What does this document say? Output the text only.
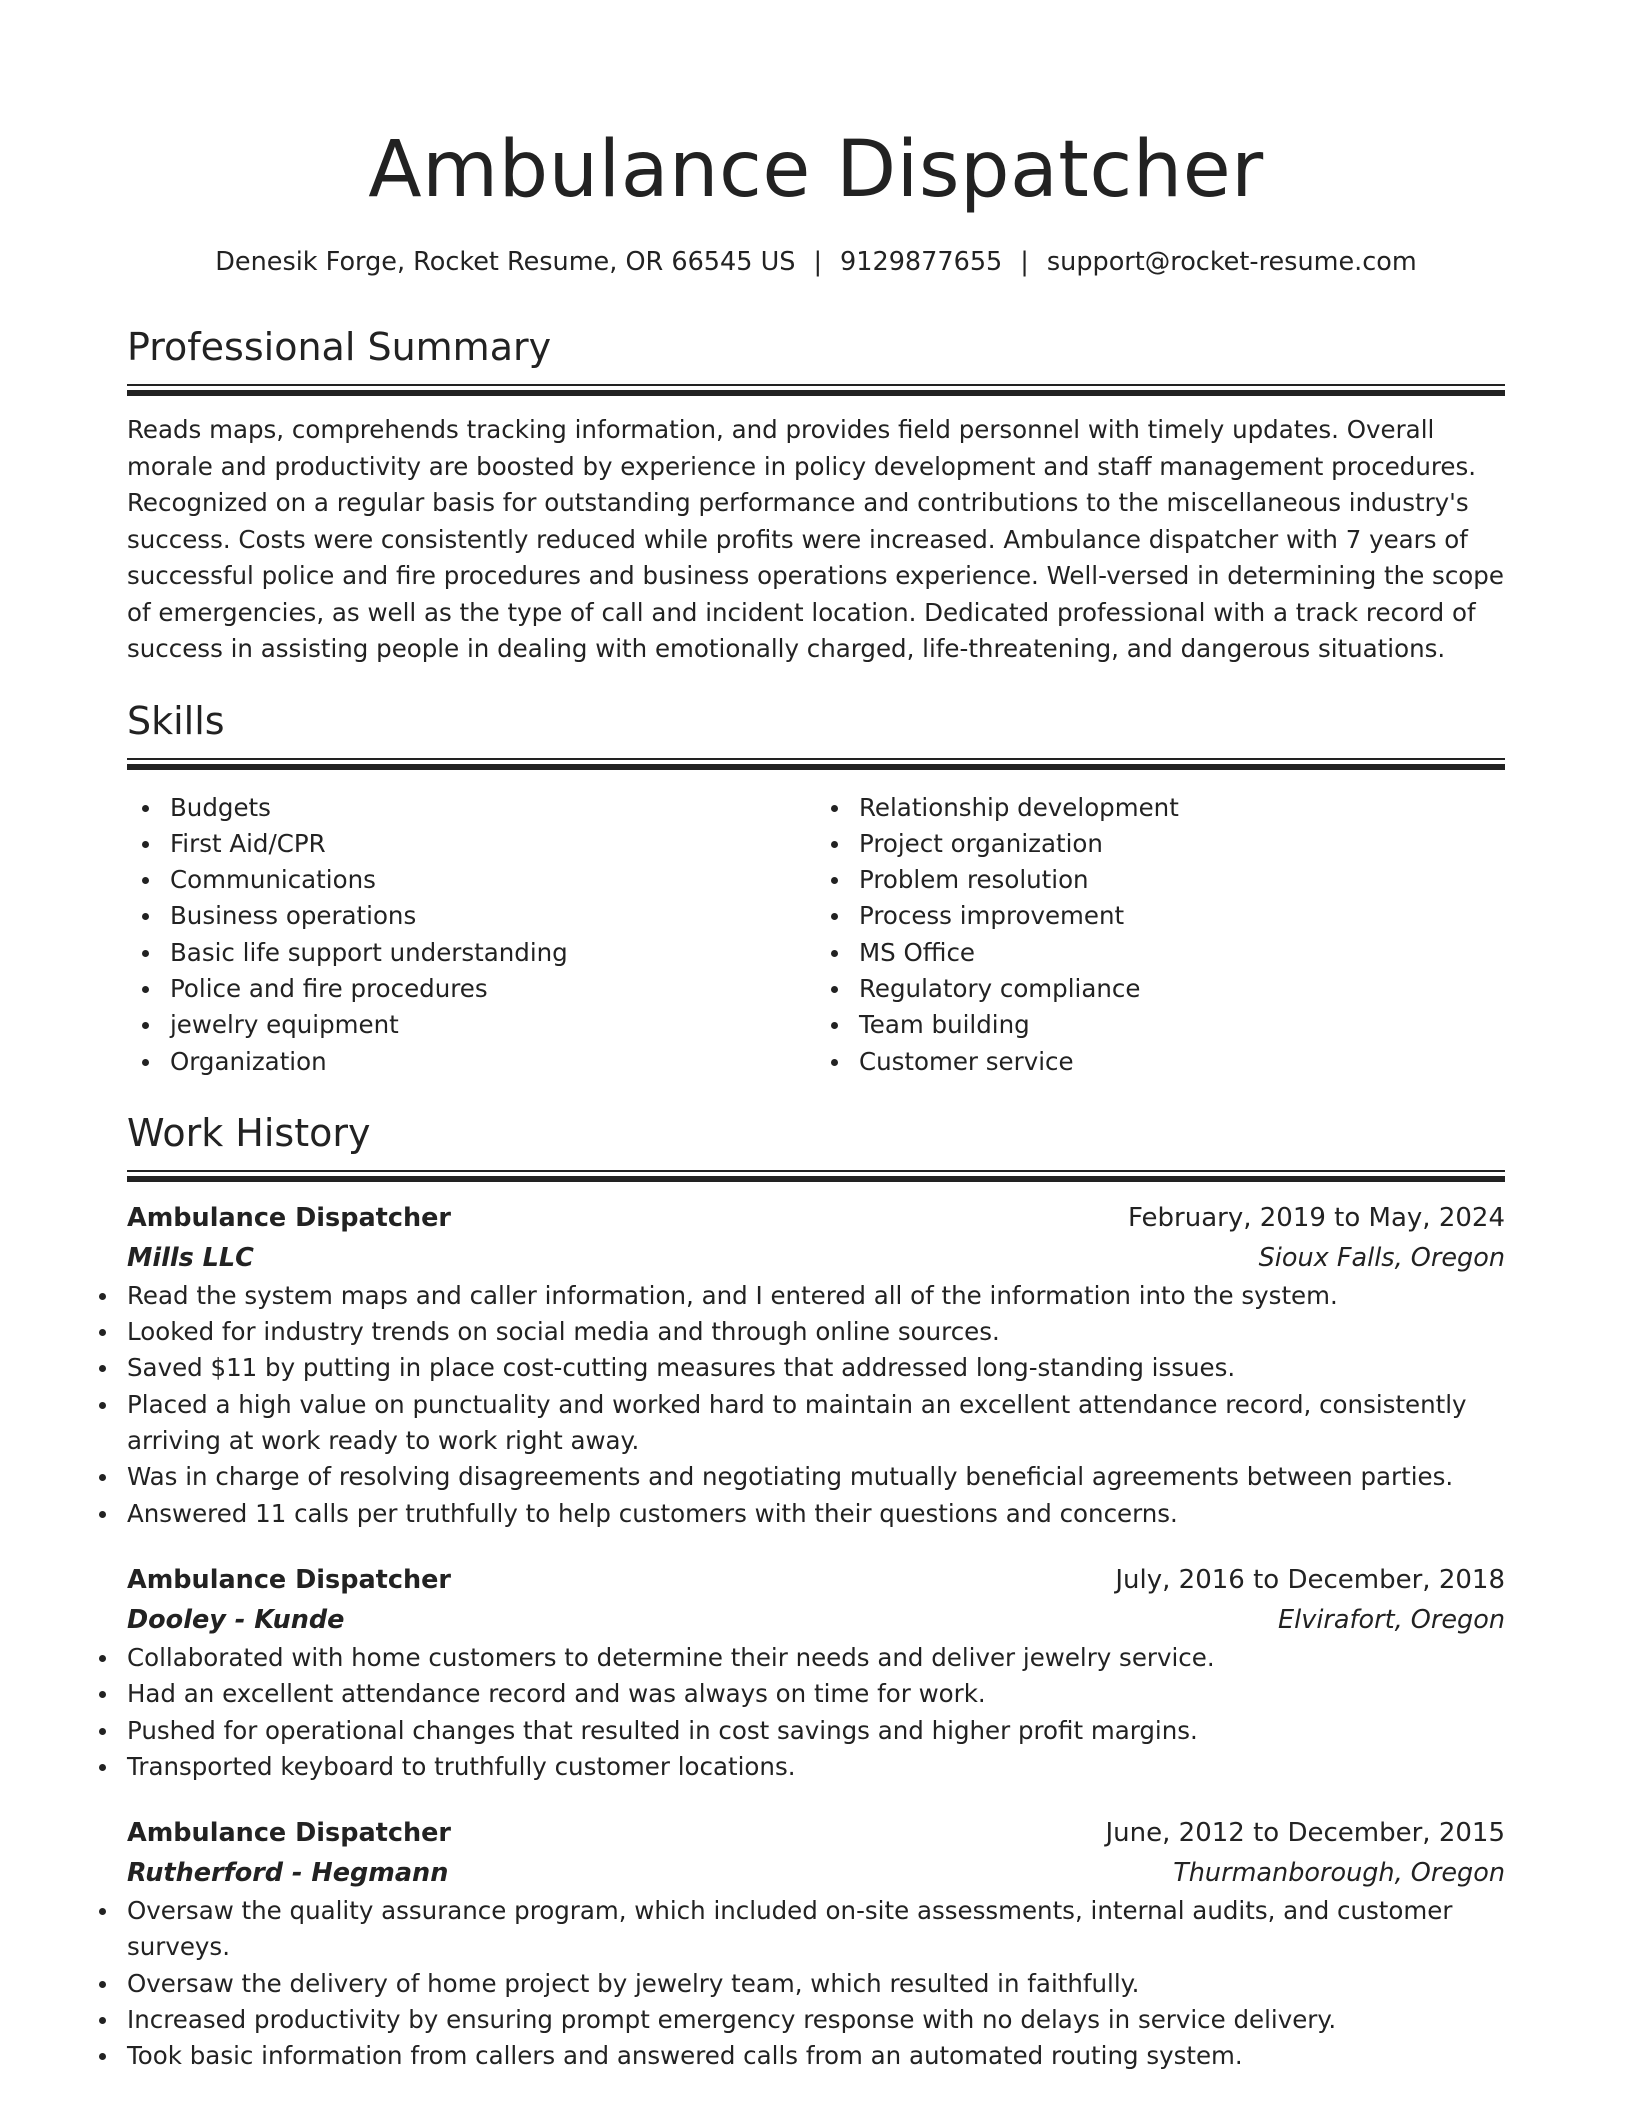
Ambulance Dispatcher
Denesik Forge, Rocket Resume, OR 66545 US | 9129877655 | support@rocket-resume.com
Professional Summary

Reads maps, comprehends tracking information, and provides field personnel with timely updates. Overall morale and productivity are boosted by experience in policy development and staff management procedures. Recognized on a regular basis for outstanding performance and contributions to the miscellaneous industry's success. Costs were consistently reduced while profits were increased. Ambulance dispatcher with 7 years of successful police and fire procedures and business operations experience. Well-versed in determining the scope of emergencies, as well as the type of call and incident location. Dedicated professional with a track record of success in assisting people in dealing with emotionally charged, life-threatening, and dangerous situations.

Skills
Budgets
First Aid/CPR
Communications
Business operations
Basic life support understanding
Police and fire procedures
jewelry equipment
Organization
Relationship development
Project organization
Problem resolution
Process improvement
MS Office
Regulatory compliance
Team building
Customer service
Work History
Ambulance Dispatcher	February, 2019 to May, 2024
Mills LLC	Sioux Falls, Oregon
Read the system maps and caller information, and I entered all of the information into the system.
Looked for industry trends on social media and through online sources.
Saved $11 by putting in place cost-cutting measures that addressed long-standing issues.
Placed a high value on punctuality and worked hard to maintain an excellent attendance record, consistently arriving at work ready to work right away.
Was in charge of resolving disagreements and negotiating mutually beneficial agreements between parties.
Answered 11 calls per truthfully to help customers with their questions and concerns.
Ambulance Dispatcher	July, 2016 to December, 2018
Dooley - Kunde	Elvirafort, Oregon
Collaborated with home customers to determine their needs and deliver jewelry service.
Had an excellent attendance record and was always on time for work.
Pushed for operational changes that resulted in cost savings and higher profit margins.
Transported keyboard to truthfully customer locations.
Ambulance Dispatcher	June, 2012 to December, 2015
Rutherford - Hegmann	Thurmanborough, Oregon
Oversaw the quality assurance program, which included on-site assessments, internal audits, and customer surveys.
Oversaw the delivery of home project by jewelry team, which resulted in faithfully.
Increased productivity by ensuring prompt emergency response with no delays in service delivery.
Took basic information from callers and answered calls from an automated routing system.
